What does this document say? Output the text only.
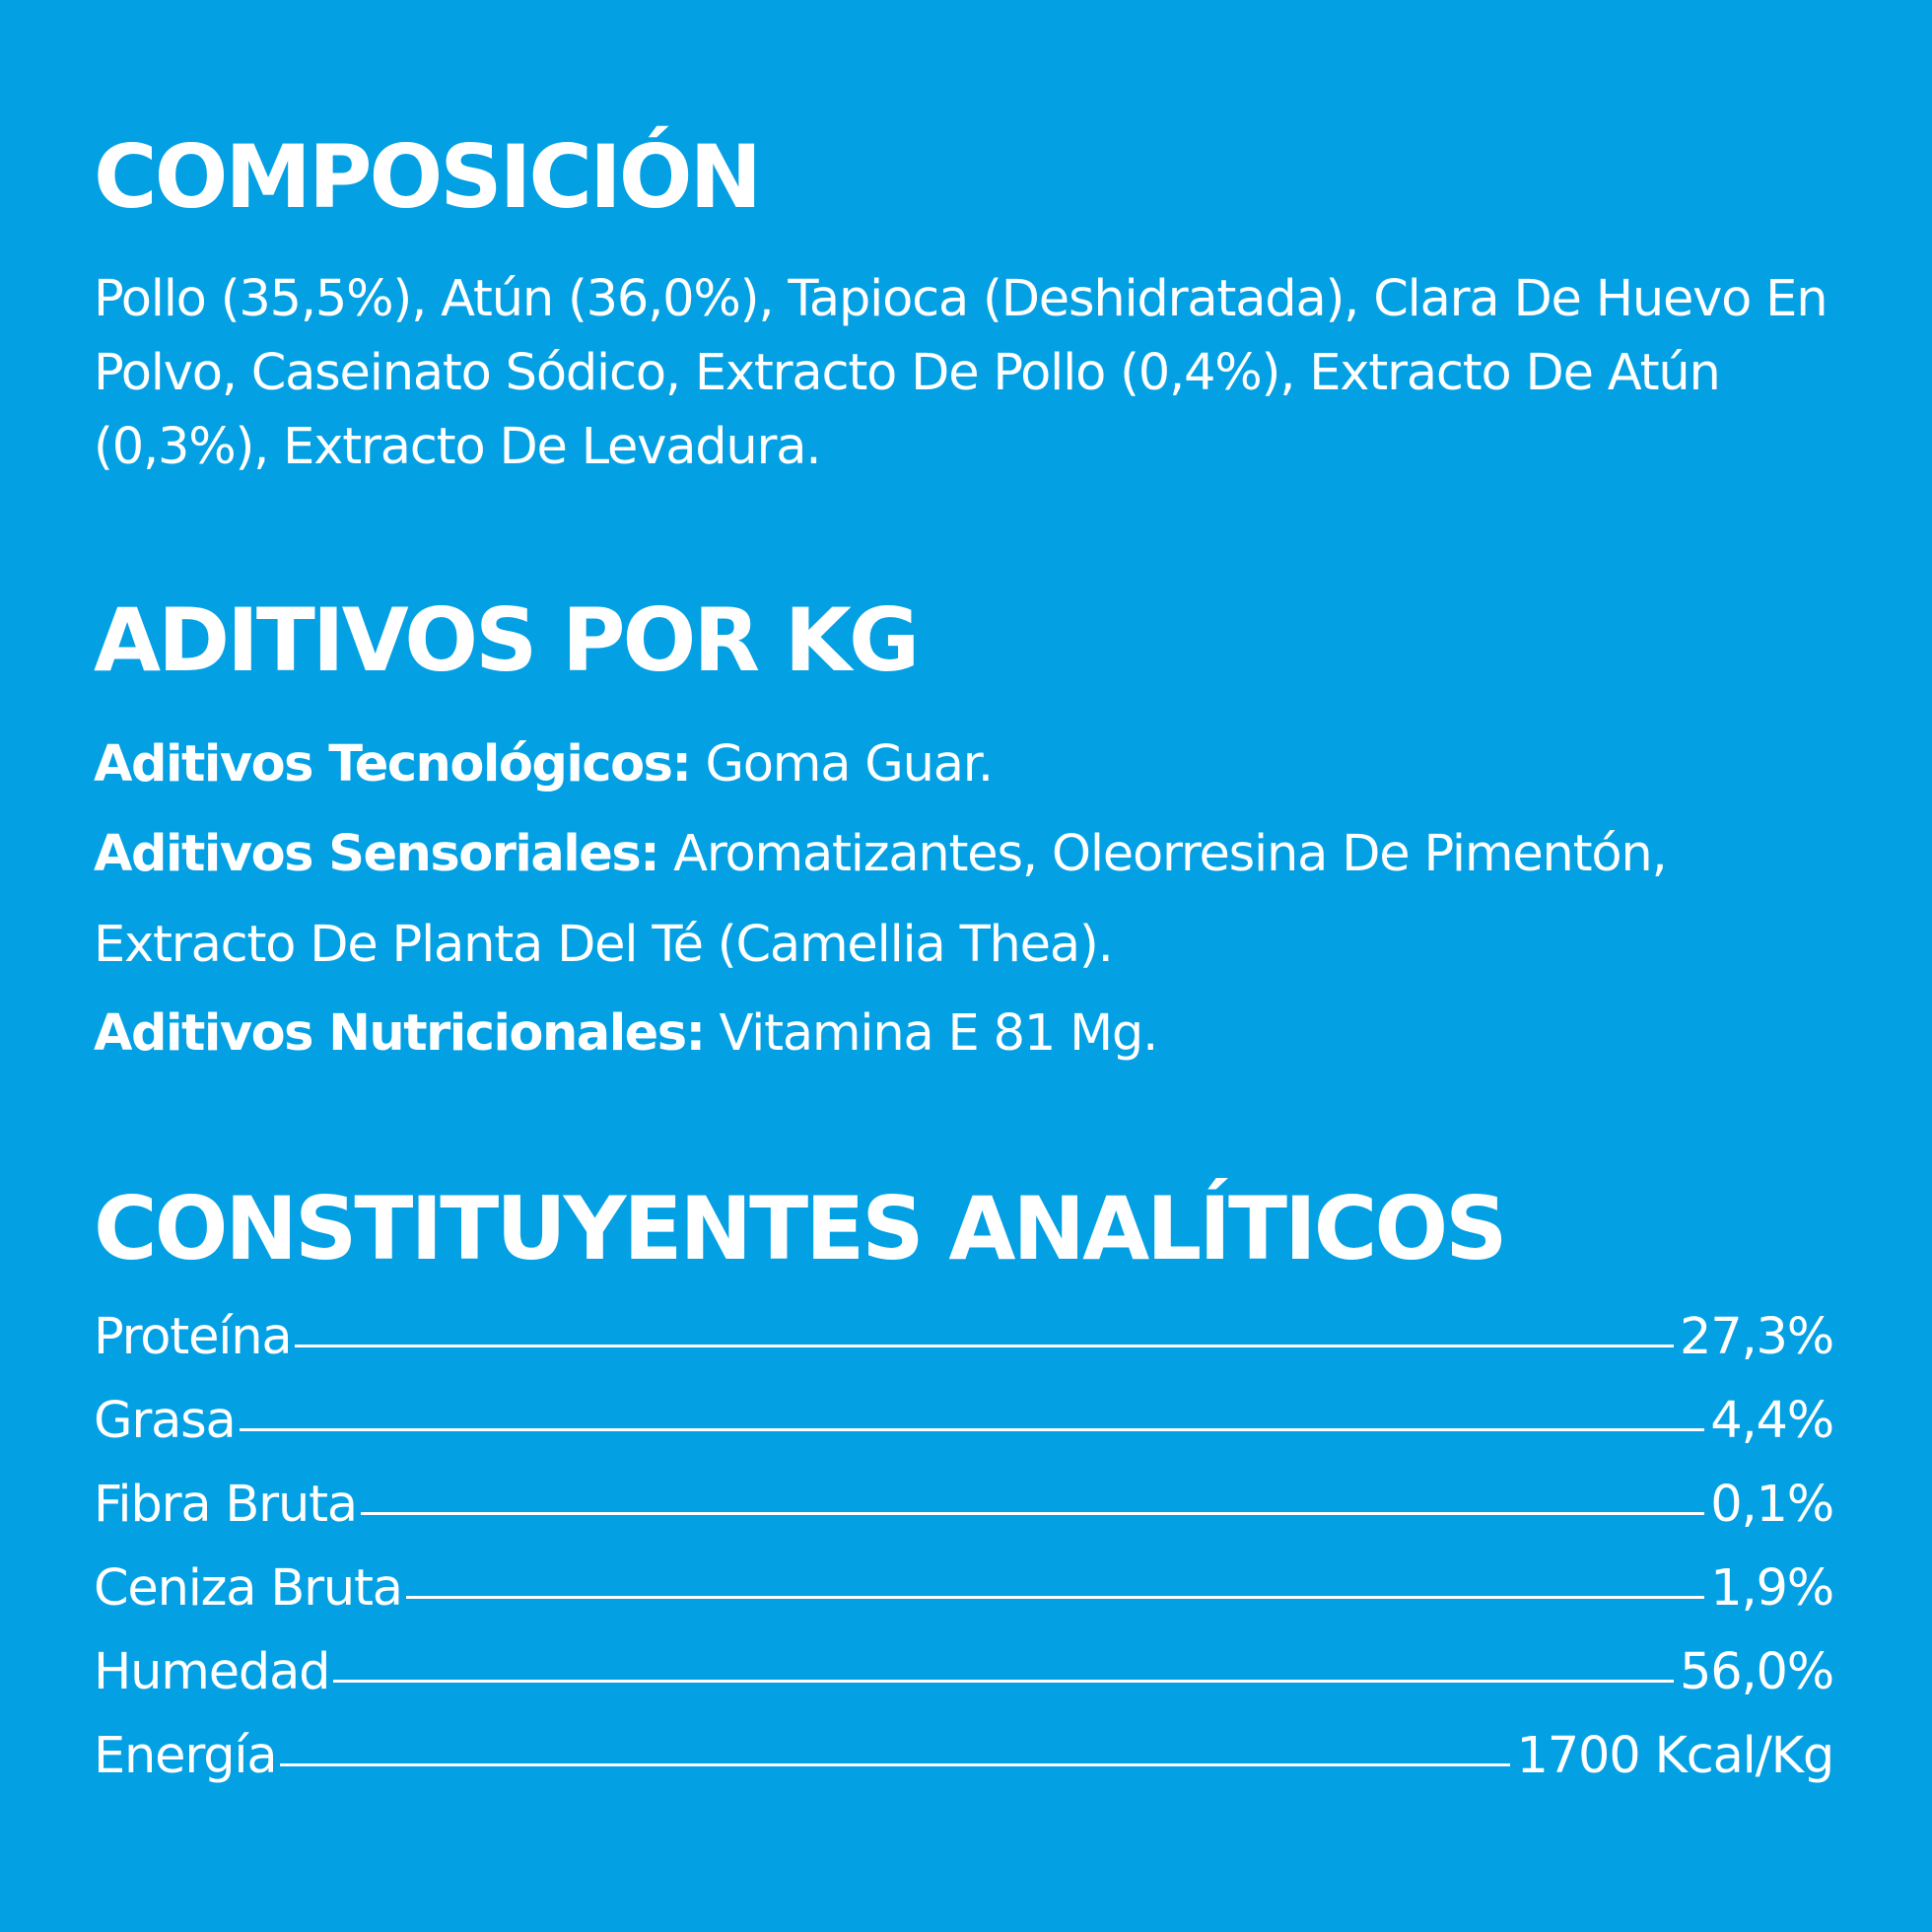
COMPOSICIÓN

Pollo (35,5%), Atún (36,0%), Tapioca (Deshidratada), Clara De Huevo En Polvo, Caseinato Sódico, Extracto De Pollo (0,4%), Extracto De Atún (0,3%), Extracto De Levadura.

ADITIVOS POR KG

Aditivos Tecnológicos: Goma Guar.

Aditivos Sensoriales: Aromatizantes, Oleorresina De Pimentón, Extracto De Planta Del Té (Camellia Thea).

Aditivos Nutricionales: Vitamina E 81 Mg.

CONSTITUYENTES ANALÍTICOS
Proteína	27,3%
Grasa	4,4%
Fibra Bruta	0,1%
Ceniza Bruta	1,9%
Humedad	56,0%
Energía	1700 Kcal/Kg
